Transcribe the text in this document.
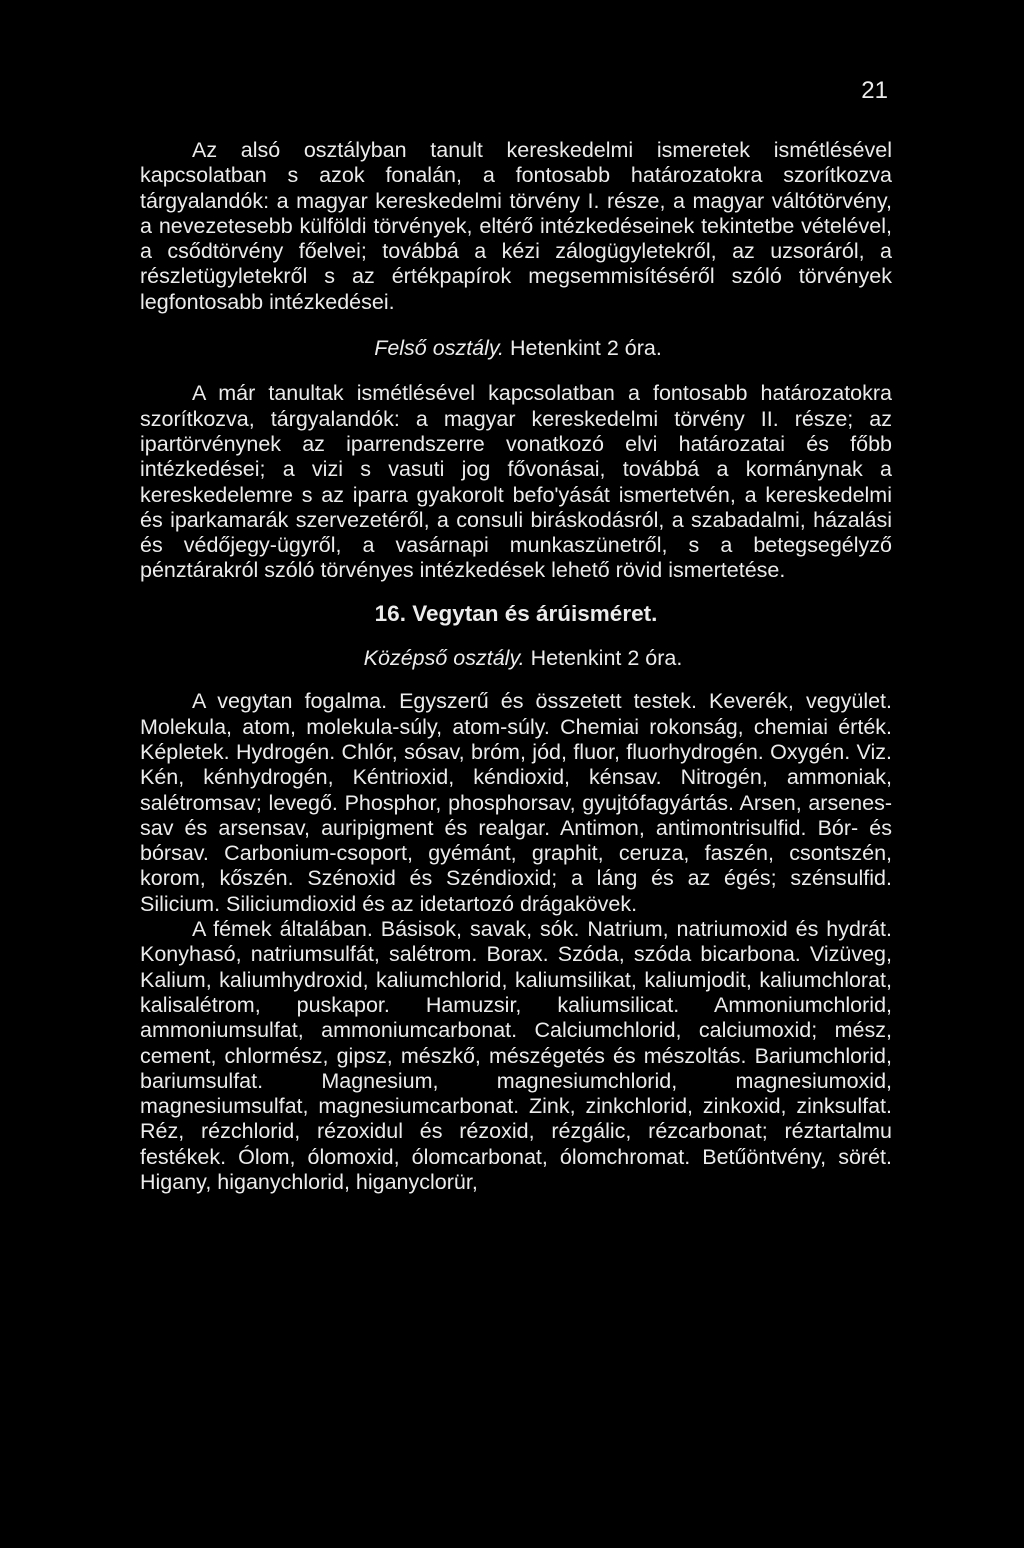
21

Az alsó osztályban tanult kereskedelmi ismeretek ismétlésével kapcsolatban s azok fonalán, a fontosabb határozatokra szorítkozva tárgyalandók: a magyar kereskedelmi törvény I. része, a magyar váltótörvény, a nevezetesebb külföldi törvények, eltérő intézkedéseinek tekintetbe vételével, a csődtörvény főelvei; továbbá a kézi zálogügyletekről, az uzsoráról, a részletügyletekről s az értékpapírok megsemmisítéséről szóló törvények legfontosabb intézkedései.

Felső osztály. Hetenkint 2 óra.

A már tanultak ismétlésével kapcsolatban a fontosabb határozatokra szorítkozva, tárgyalandók: a magyar kereskedelmi törvény II. része; az ipartörvénynek az iparrendszerre vonatkozó elvi határozatai és főbb intézkedései; a vizi s vasuti jog fővonásai, továbbá a kormánynak a kereskedelemre s az iparra gyakorolt befo'yását ismertetvén, a kereskedelmi és iparkamarák szervezetéről, a consuli biráskodásról, a szabadalmi, házalási és védőjegy-ügyről, a vasárnapi munkaszünetről, s a betegsegélyző pénztárakról szóló törvényes intézkedések lehető rövid ismertetése.

16. Vegytan és árúisméret.

Középső osztály. Hetenkint 2 óra.

A vegytan fogalma. Egyszerű és összetett testek. Keverék, vegyület. Molekula, atom, molekula-súly, atom-súly. Chemiai rokonság, chemiai érték. Képletek. Hydrogén. Chlór, sósav, bróm, jód, fluor, fluorhydrogén. Oxygén. Viz. Kén, kénhydrogén, Kéntrioxid, kéndioxid, kénsav. Nitrogén, ammoniak, salétromsav; levegő. Phosphor, phosphorsav, gyujtófagyártás. Arsen, arsenes-sav és arsensav, auripigment és realgar. Antimon, antimontrisulfid. Bór- és bórsav. Carbonium-csoport, gyémánt, graphit, ceruza, faszén, csontszén, korom, kőszén. Szénoxid és Széndioxid; a láng és az égés; szénsulfid. Silicium. Siliciumdioxid és az idetartozó drágakövek.

A fémek általában. Básisok, savak, sók. Natrium, natriumoxid és hydrát. Konyhasó, natriumsulfát, salétrom. Borax. Szóda, szóda bicarbona. Vizüveg, Kalium, kaliumhydroxid, kaliumchlorid, kaliumsilikat, kaliumjodit, kaliumchlorat, kalisalétrom, puskapor. Hamuzsir, kaliumsilicat. Ammoniumchlorid, ammoniumsulfat, ammoniumcarbonat. Calciumchlorid, calciumoxid; mész, cement, chlormész, gipsz, mészkő, mészégetés és mészoltás. Bariumchlorid, bariumsulfat. Magnesium, magnesiumchlorid, magnesiumoxid, magnesiumsulfat, magnesiumcarbonat. Zink, zinkchlorid, zinkoxid, zinksulfat. Réz, rézchlorid, rézoxidul és rézoxid, rézgálic, rézcarbonat; réztartalmu festékek. Ólom, ólomoxid, ólomcarbonat, ólomchromat. Betűöntvény, sörét. Higany, higanychlorid, higanyclorür,
